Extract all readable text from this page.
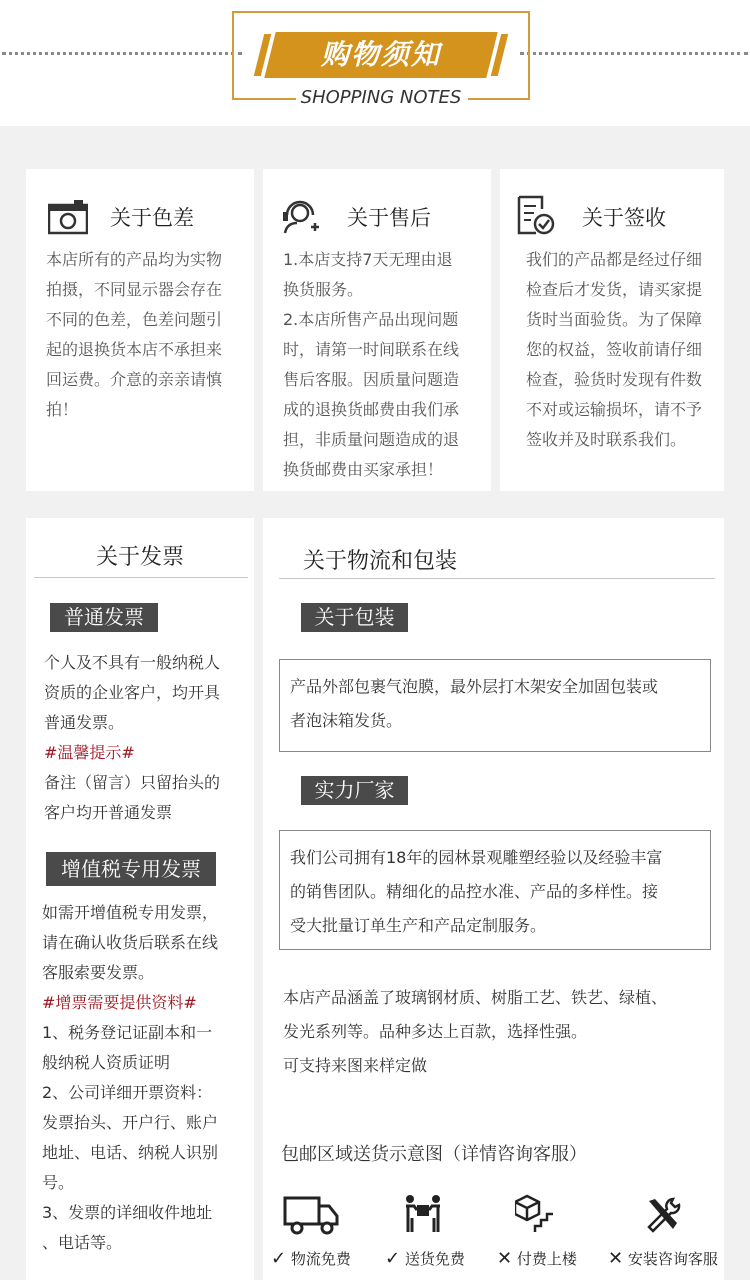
购物须知
SHOPPING NOTES
关于色差

本店所有的产品均为实物

拍摄，不同显示器会存在

不同的色差，色差问题引

起的退换货本店不承担来

回运费。介意的亲亲请慎

拍！

关于售后

1.本店支持7天无理由退

换货服务。

2.本店所售产品出现问题

时，请第一时间联系在线

售后客服。因质量问题造

成的退换货邮费由我们承

担，非质量问题造成的退

换货邮费由买家承担！

关于签收

我们的产品都是经过仔细

检查后才发货，请买家提

货时当面验货。为了保障

您的权益，签收前请仔细

检查，验货时发现有件数

不对或运输损坏，请不予

签收并及时联系我们。

关于发票
普通发票
个人及不具有一般纳税人
资质的企业客户，均开具
普通发票。
#温馨提示#
备注（留言）只留抬头的
客户均开普通发票
增值税专用发票
如需开增值税专用发票，
请在确认收货后联系在线
客服索要发票。
#增票需要提供资料#
1、税务登记证副本和一
般纳税人资质证明
2、公司详细开票资料：
发票抬头、开户行、账户
地址、电话、纳税人识别
号。
3、发票的详细收件地址
、电话等。
关于物流和包装
关于包装
产品外部包裹气泡膜，最外层打木架安全加固包装或
者泡沫箱发货。
实力厂家
我们公司拥有18年的园林景观雕塑经验以及经验丰富
的销售团队。精细化的品控水准、产品的多样性。接
受大批量订单生产和产品定制服务。
本店产品涵盖了玻璃钢材质、树脂工艺、铁艺、绿植、
发光系列等。品种多达上百款，选择性强。
可支持来图来样定做
包邮区域送货示意图（详情咨询客服）
✓ 物流免费 ✓ 送货免费 ✕ 付费上楼 ✕ 安装咨询客服
